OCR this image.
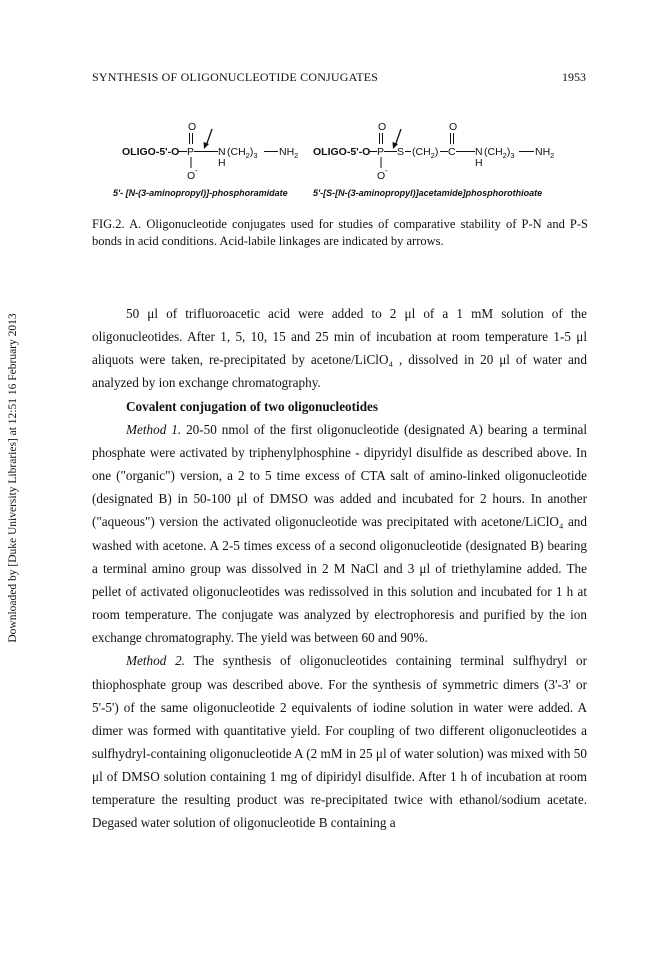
SYNTHESIS OF OLIGONUCLEOTIDE CONJUGATES	1953
Downloaded by [Duke University Libraries] at 12:51 16 February 2013
OLIGO-5'-O P
O
O -
N
H
$(CH_2)_3$ $NH_2$ OLIGO-5'-O P
O
O -
S $(CH_2)$ C
O
N
H
$(CH_2)_3$ $NH_2$
5'- [N-(3-aminopropyl)]-phosphoramidate	5'-[S-[N-(3-aminopropyl)]acetamide]phosphorothioate
FIG.2. A. Oligonucleotide conjugates used for studies of comparative stability of P-N and P-S bonds in acid conditions. Acid-labile linkages are indicated by arrows.

50 μl of trifluoroacetic acid were added to 2 μl of a 1 mM solution of the oligonucleotides. After 1, 5, 10, 15 and 25 min of incubation at room temperature 1-5 μl aliquots were taken, re-precipitated by acetone/LiClO₄ , dissolved in 20 μl of water and analyzed by ion exchange chromatography.

Covalent conjugation of two oligonucleotides

Method 1. 20-50 nmol of the first oligonucleotide (designated A) bearing a terminal phosphate were activated by triphenylphosphine - dipyridyl disulfide as described above. In one ("organic") version, a 2 to 5 time excess of CTA salt of amino-linked oligonucleotide (designated B) in 50-100 μl of DMSO was added and incubated for 2 hours. In another ("aqueous") version the activated oligonucleotide was precipitated with acetone/LiClO₄ and washed with acetone. A 2-5 times excess of a second oligonucleotide (designated B) bearing a terminal amino group was dissolved in 2 M NaCl and 3 μl of triethylamine added. The pellet of activated oligonucleotides was redissolved in this solution and incubated for 1 h at room temperature. The conjugate was analyzed by electrophoresis and purified by the ion exchange chromatography. The yield was between 60 and 90%.

Method 2. The synthesis of oligonucleotides containing terminal sulfhydryl or thiophosphate group was described above. For the synthesis of symmetric dimers (3'-3' or 5'-5') of the same oligonucleotide 2 equivalents of iodine solution in water were added. A dimer was formed with quantitative yield. For coupling of two different oligonucleotides a sulfhydryl-containing oligonucleotide A (2 mM in 25 μl of water solution) was mixed with 50 μl of DMSO solution containing 1 mg of dipiridyl disulfide. After 1 h of incubation at room temperature the resulting product was re-precipitated twice with ethanol/sodium acetate. Degased water solution of oligonucleotide B containing a
